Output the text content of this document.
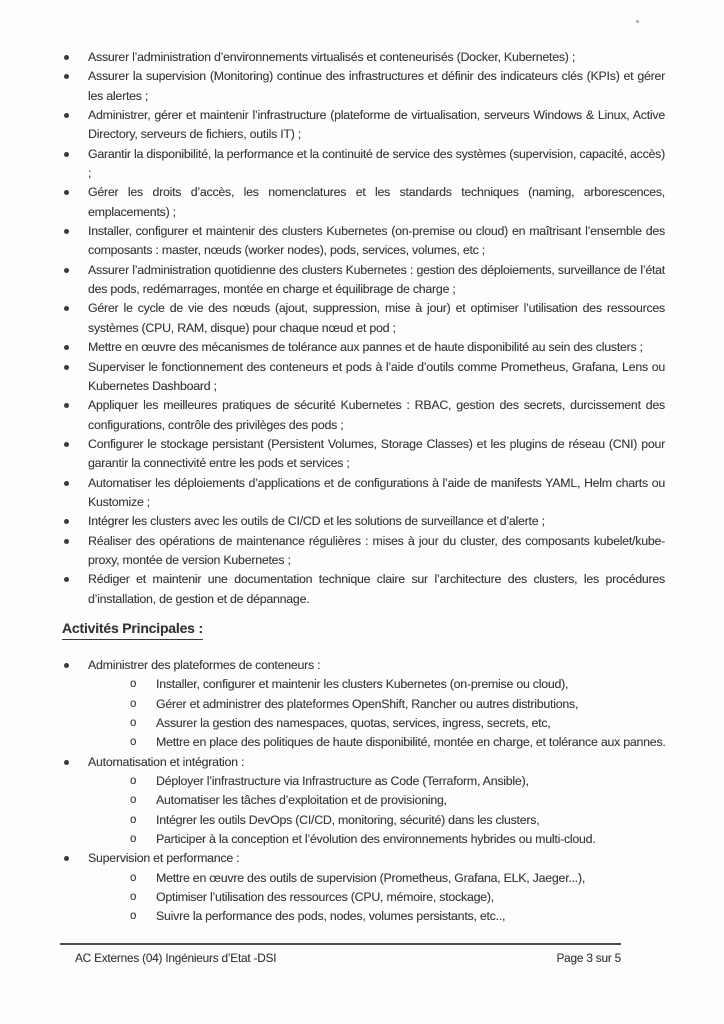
Assurer l’administration d’environnements virtualisés et conteneurisés (Docker, Kubernetes) ;
Assurer la supervision (Monitoring) continue des infrastructures et définir des indicateurs clés (KPIs) et gérer les alertes ;
Administrer, gérer et maintenir l’infrastructure (plateforme de virtualisation, serveurs Windows & Linux, Active Directory, serveurs de fichiers, outils IT) ;
Garantir la disponibilité, la performance et la continuité de service des systèmes (supervision, capacité, accès) ;
Gérer les droits d’accès, les nomenclatures et les standards techniques (naming, arborescences, emplacements) ;
Installer, configurer et maintenir des clusters Kubernetes (on-premise ou cloud) en maîtrisant l’ensemble des composants : master, nœuds (worker nodes), pods, services, volumes, etc ;
Assurer l’administration quotidienne des clusters Kubernetes : gestion des déploiements, surveillance de l’état des pods, redémarrages, montée en charge et équilibrage de charge ;
Gérer le cycle de vie des nœuds (ajout, suppression, mise à jour) et optimiser l’utilisation des ressources systèmes (CPU, RAM, disque) pour chaque nœud et pod ;
Mettre en œuvre des mécanismes de tolérance aux pannes et de haute disponibilité au sein des clusters ;
Superviser le fonctionnement des conteneurs et pods à l’aide d’outils comme Prometheus, Grafana, Lens ou Kubernetes Dashboard ;
Appliquer les meilleures pratiques de sécurité Kubernetes : RBAC, gestion des secrets, durcissement des configurations, contrôle des privilèges des pods ;
Configurer le stockage persistant (Persistent Volumes, Storage Classes) et les plugins de réseau (CNI) pour garantir la connectivité entre les pods et services ;
Automatiser les déploiements d’applications et de configurations à l’aide de manifests YAML, Helm charts ou Kustomize ;
Intégrer les clusters avec les outils de CI/CD et les solutions de surveillance et d’alerte ;
Réaliser des opérations de maintenance régulières : mises à jour du cluster, des composants kubelet/kube-proxy, montée de version Kubernetes ;
Rédiger et maintenir une documentation technique claire sur l’architecture des clusters, les procédures d’installation, de gestion et de dépannage.
Activités Principales :
Administrer des plateformes de conteneurs :
o Installer, configurer et maintenir les clusters Kubernetes (on-premise ou cloud),
o Gérer et administrer des plateformes OpenShift, Rancher ou autres distributions,
o Assurer la gestion des namespaces, quotas, services, ingress, secrets, etc,
o Mettre en place des politiques de haute disponibilité, montée en charge, et tolérance aux pannes.
Automatisation et intégration :
o Déployer l’infrastructure via Infrastructure as Code (Terraform, Ansible),
o Automatiser les tâches d’exploitation et de provisioning,
o Intégrer les outils DevOps (CI/CD, monitoring, sécurité) dans les clusters,
o Participer à la conception et l’évolution des environnements hybrides ou multi-cloud.
Supervision et performance :
o Mettre en œuvre des outils de supervision (Prometheus, Grafana, ELK, Jaeger...),
o Optimiser l’utilisation des ressources (CPU, mémoire, stockage),
o Suivre la performance des pods, nodes, volumes persistants, etc..,
AC Externes (04) Ingénieurs d’Etat -DSI	Page 3 sur 5
